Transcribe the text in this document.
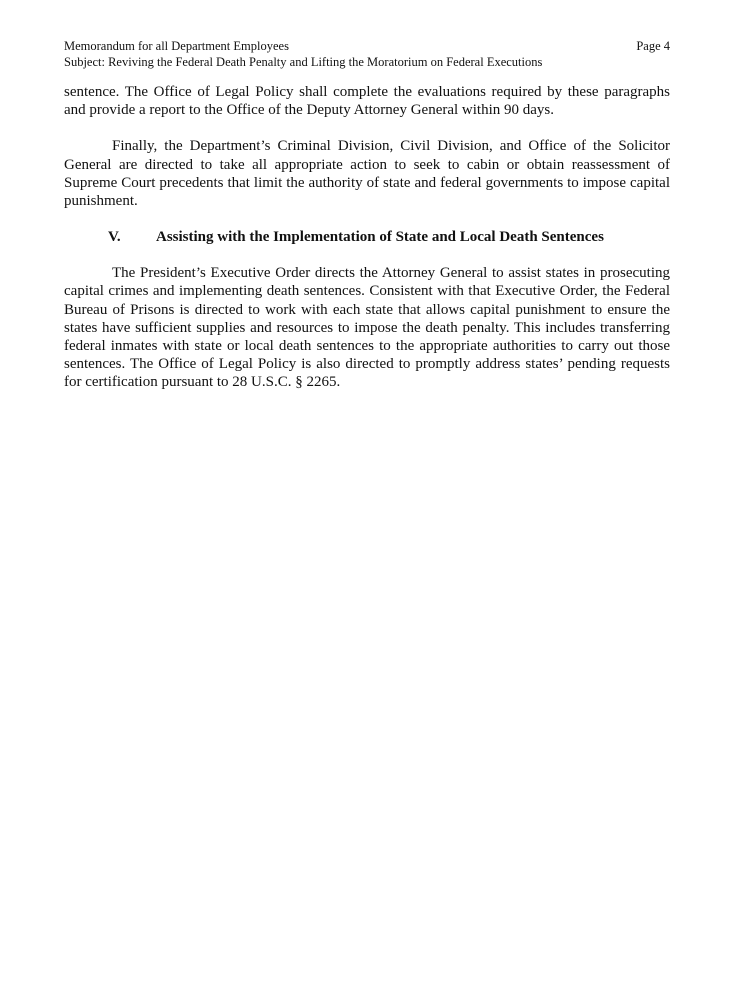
Memorandum for all Department Employees	Page 4
Subject: Reviving the Federal Death Penalty and Lifting the Moratorium on Federal Executions

sentence. The Office of Legal Policy shall complete the evaluations required by these paragraphs and provide a report to the Office of the Deputy Attorney General within 90 days.

Finally, the Department’s Criminal Division, Civil Division, and Office of the Solicitor General are directed to take all appropriate action to seek to cabin or obtain reassessment of Supreme Court precedents that limit the authority of state and federal governments to impose capital punishment.

V.	Assisting with the Implementation of State and Local Death Sentences

The President’s Executive Order directs the Attorney General to assist states in prosecuting capital crimes and implementing death sentences. Consistent with that Executive Order, the Federal Bureau of Prisons is directed to work with each state that allows capital punishment to ensure the states have sufficient supplies and resources to impose the death penalty. This includes transferring federal inmates with state or local death sentences to the appropriate authorities to carry out those sentences. The Office of Legal Policy is also directed to promptly address states’ pending requests for certification pursuant to 28 U.S.C. § 2265.
